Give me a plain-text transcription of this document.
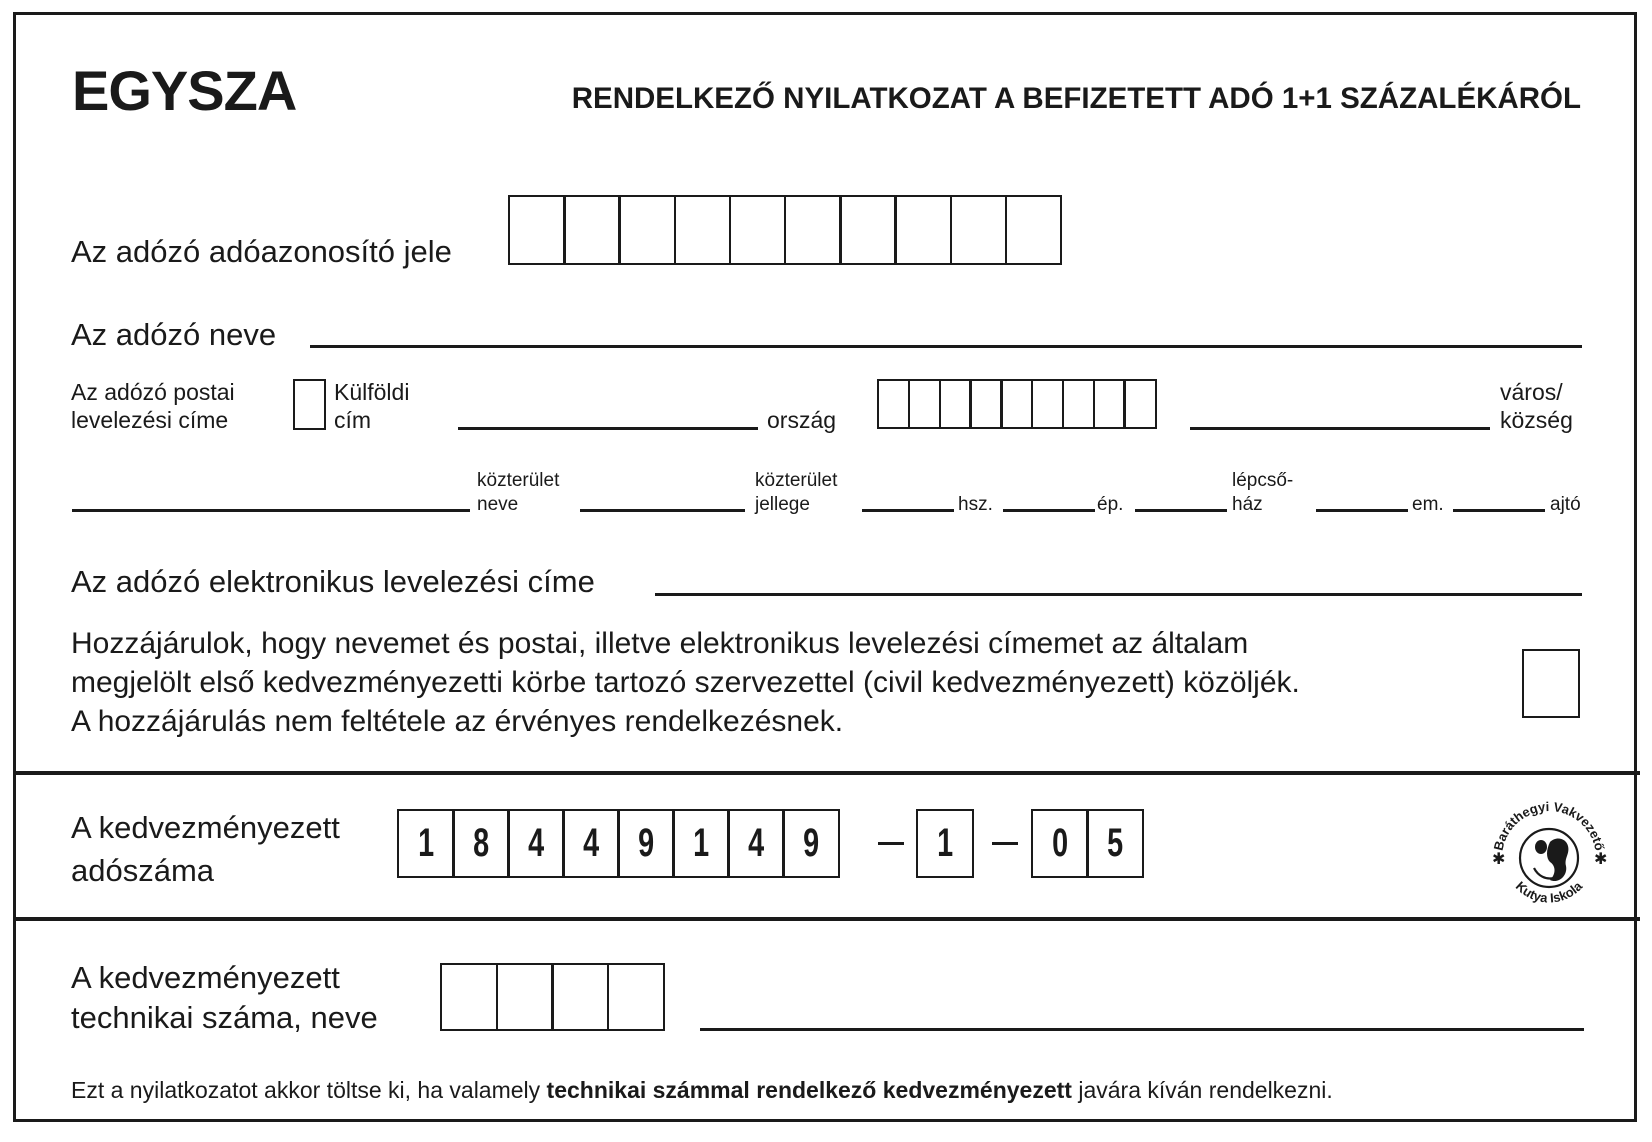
EGYSZA	RENDELKEZŐ NYILATKOZAT A BEFIZETETT ADÓ 1+1 SZÁZALÉKÁRÓL
Az adózó adóazonosító jele
Az adózó neve
Az adózó postai
levelezési címe
Külföldi
cím	ország
város/
község
közterület
neve
közterület
jellege	hsz.	ép.
lépcső-
ház	em.	ajtó
Az adózó elektronikus levelezési címe
Hozzájárulok, hogy nevemet és postai, illetve elektronikus levelezési címemet az általam
megjelölt első kedvezményezetti körbe tartozó szervezettel (civil kedvezményezett) közöljék.
A hozzájárulás nem feltétele az érvényes rendelkezésnek.
A kedvezményezett
adószáma
1 8 4 4 9 1 4 9	1 0 5	Baráthegyi Vakvezető
Kutya Iskola
✱	✱
A kedvezményezett
technikai száma, neve
Ezt a nyilatkozatot akkor töltse ki, ha valamely technikai számmal rendelkező kedvezményezett javára kíván rendelkezni.
